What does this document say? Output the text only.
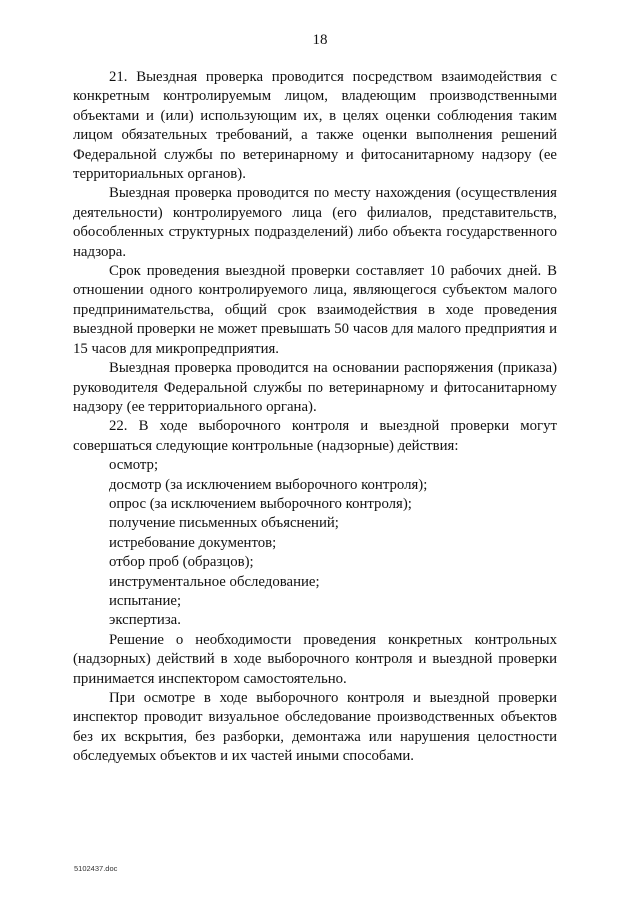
18

21. Выездная проверка проводится посредством взаимодействия с конкретным контролируемым лицом, владеющим производственными объектами и (или) использующим их, в целях оценки соблюдения таким лицом обязательных требований, а также оценки выполнения решений Федеральной службы по ветеринарному и фитосанитарному надзору (ее территориальных органов).

Выездная проверка проводится по месту нахождения (осуществления деятельности) контролируемого лица (его филиалов, представительств, обособленных структурных подразделений) либо объекта государственного надзора.

Срок проведения выездной проверки составляет 10 рабочих дней. В отношении одного контролируемого лица, являющегося субъектом малого предпринимательства, общий срок взаимодействия в ходе проведения выездной проверки не может превышать 50 часов для малого предприятия и 15 часов для микропредприятия.

Выездная проверка проводится на основании распоряжения (приказа) руководителя Федеральной службы по ветеринарному и фитосанитарному надзору (ее территориального органа).

22. В ходе выборочного контроля и выездной проверки могут совершаться следующие контрольные (надзорные) действия:

осмотр;

досмотр (за исключением выборочного контроля);

опрос (за исключением выборочного контроля);

получение письменных объяснений;

истребование документов;

отбор проб (образцов);

инструментальное обследование;

испытание;

экспертиза.

Решение о необходимости проведения конкретных контрольных (надзорных) действий в ходе выборочного контроля и выездной проверки принимается инспектором самостоятельно.

При осмотре в ходе выборочного контроля и выездной проверки инспектор проводит визуальное обследование производственных объектов без их вскрытия, без разборки, демонтажа или нарушения целостности обследуемых объектов и их частей иными способами.

5102437.doc
